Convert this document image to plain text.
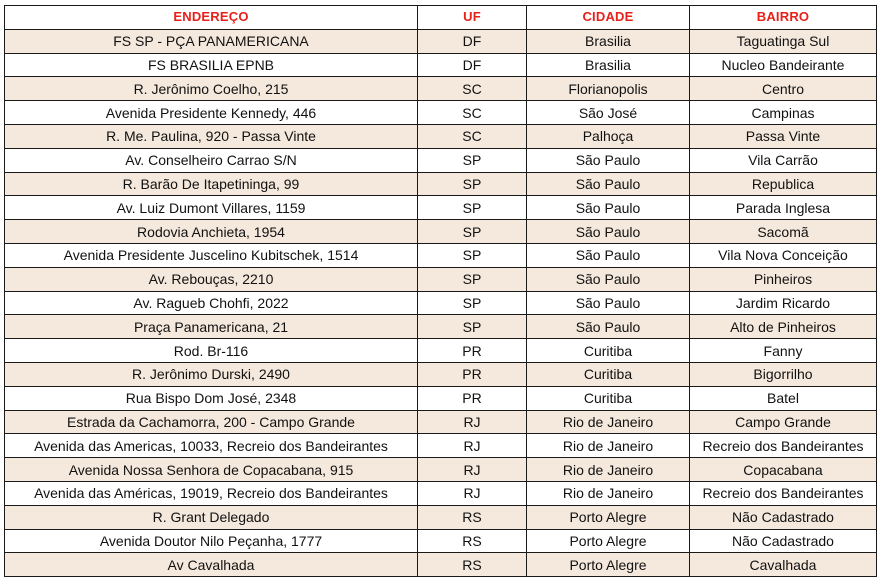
ENDEREÇO	UF	CIDADE	BAIRRO
FS SP - PÇA PANAMERICANA	DF	Brasilia	Taguatinga Sul
FS BRASILIA EPNB	DF	Brasilia	Nucleo Bandeirante
R. Jerônimo Coelho, 215	SC	Florianopolis	Centro
Avenida Presidente Kennedy, 446	SC	São José	Campinas
R. Me. Paulina, 920 - Passa Vinte	SC	Palhoça	Passa Vinte
Av. Conselheiro Carrao S/N	SP	São Paulo	Vila Carrão
R. Barão De Itapetininga, 99	SP	São Paulo	Republica
Av. Luiz Dumont Villares, 1159	SP	São Paulo	Parada Inglesa
Rodovia Anchieta, 1954	SP	São Paulo	Sacomã
Avenida Presidente Juscelino Kubitschek, 1514	SP	São Paulo	Vila Nova Conceição
Av. Rebouças, 2210	SP	São Paulo	Pinheiros
Av. Ragueb Chohfi, 2022	SP	São Paulo	Jardim Ricardo
Praça Panamericana, 21	SP	São Paulo	Alto de Pinheiros
Rod. Br-116	PR	Curitiba	Fanny
R. Jerônimo Durski, 2490	PR	Curitiba	Bigorrilho
Rua Bispo Dom José, 2348	PR	Curitiba	Batel
Estrada da Cachamorra, 200 - Campo Grande	RJ	Rio de Janeiro	Campo Grande
Avenida das Americas, 10033, Recreio dos Bandeirantes	RJ	Rio de Janeiro	Recreio dos Bandeirantes
Avenida Nossa Senhora de Copacabana, 915	RJ	Rio de Janeiro	Copacabana
Avenida das Américas, 19019, Recreio dos Bandeirantes	RJ	Rio de Janeiro	Recreio dos Bandeirantes
R. Grant Delegado	RS	Porto Alegre	Não Cadastrado
Avenida Doutor Nilo Peçanha, 1777	RS	Porto Alegre	Não Cadastrado
Av Cavalhada	RS	Porto Alegre	Cavalhada
